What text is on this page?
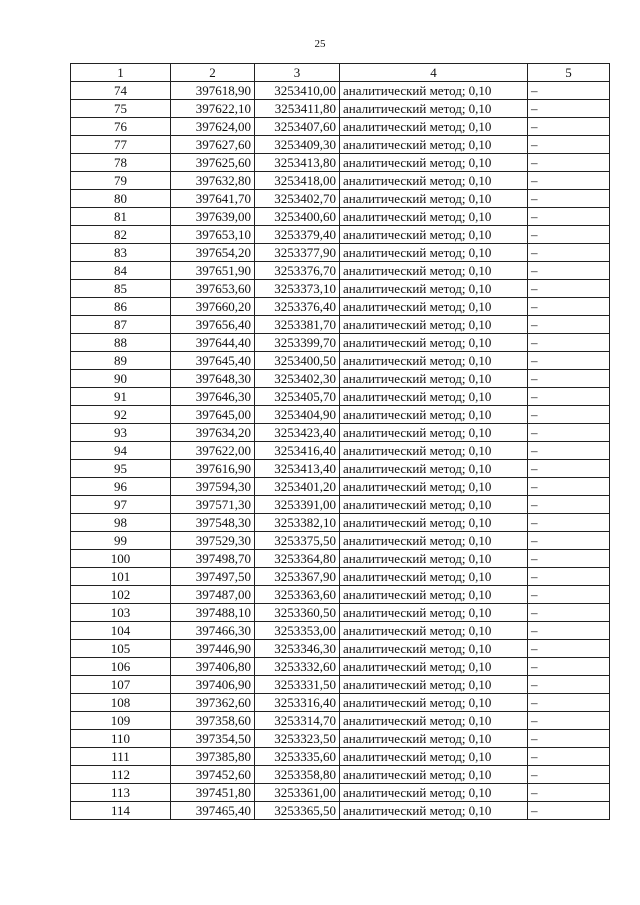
25
1	2	3	4	5
74	397618,90	3253410,00	аналитический метод; 0,10	–
75	397622,10	3253411,80	аналитический метод; 0,10	–
76	397624,00	3253407,60	аналитический метод; 0,10	–
77	397627,60	3253409,30	аналитический метод; 0,10	–
78	397625,60	3253413,80	аналитический метод; 0,10	–
79	397632,80	3253418,00	аналитический метод; 0,10	–
80	397641,70	3253402,70	аналитический метод; 0,10	–
81	397639,00	3253400,60	аналитический метод; 0,10	–
82	397653,10	3253379,40	аналитический метод; 0,10	–
83	397654,20	3253377,90	аналитический метод; 0,10	–
84	397651,90	3253376,70	аналитический метод; 0,10	–
85	397653,60	3253373,10	аналитический метод; 0,10	–
86	397660,20	3253376,40	аналитический метод; 0,10	–
87	397656,40	3253381,70	аналитический метод; 0,10	–
88	397644,40	3253399,70	аналитический метод; 0,10	–
89	397645,40	3253400,50	аналитический метод; 0,10	–
90	397648,30	3253402,30	аналитический метод; 0,10	–
91	397646,30	3253405,70	аналитический метод; 0,10	–
92	397645,00	3253404,90	аналитический метод; 0,10	–
93	397634,20	3253423,40	аналитический метод; 0,10	–
94	397622,00	3253416,40	аналитический метод; 0,10	–
95	397616,90	3253413,40	аналитический метод; 0,10	–
96	397594,30	3253401,20	аналитический метод; 0,10	–
97	397571,30	3253391,00	аналитический метод; 0,10	–
98	397548,30	3253382,10	аналитический метод; 0,10	–
99	397529,30	3253375,50	аналитический метод; 0,10	–
100	397498,70	3253364,80	аналитический метод; 0,10	–
101	397497,50	3253367,90	аналитический метод; 0,10	–
102	397487,00	3253363,60	аналитический метод; 0,10	–
103	397488,10	3253360,50	аналитический метод; 0,10	–
104	397466,30	3253353,00	аналитический метод; 0,10	–
105	397446,90	3253346,30	аналитический метод; 0,10	–
106	397406,80	3253332,60	аналитический метод; 0,10	–
107	397406,90	3253331,50	аналитический метод; 0,10	–
108	397362,60	3253316,40	аналитический метод; 0,10	–
109	397358,60	3253314,70	аналитический метод; 0,10	–
110	397354,50	3253323,50	аналитический метод; 0,10	–
111	397385,80	3253335,60	аналитический метод; 0,10	–
112	397452,60	3253358,80	аналитический метод; 0,10	–
113	397451,80	3253361,00	аналитический метод; 0,10	–
114	397465,40	3253365,50	аналитический метод; 0,10	–
